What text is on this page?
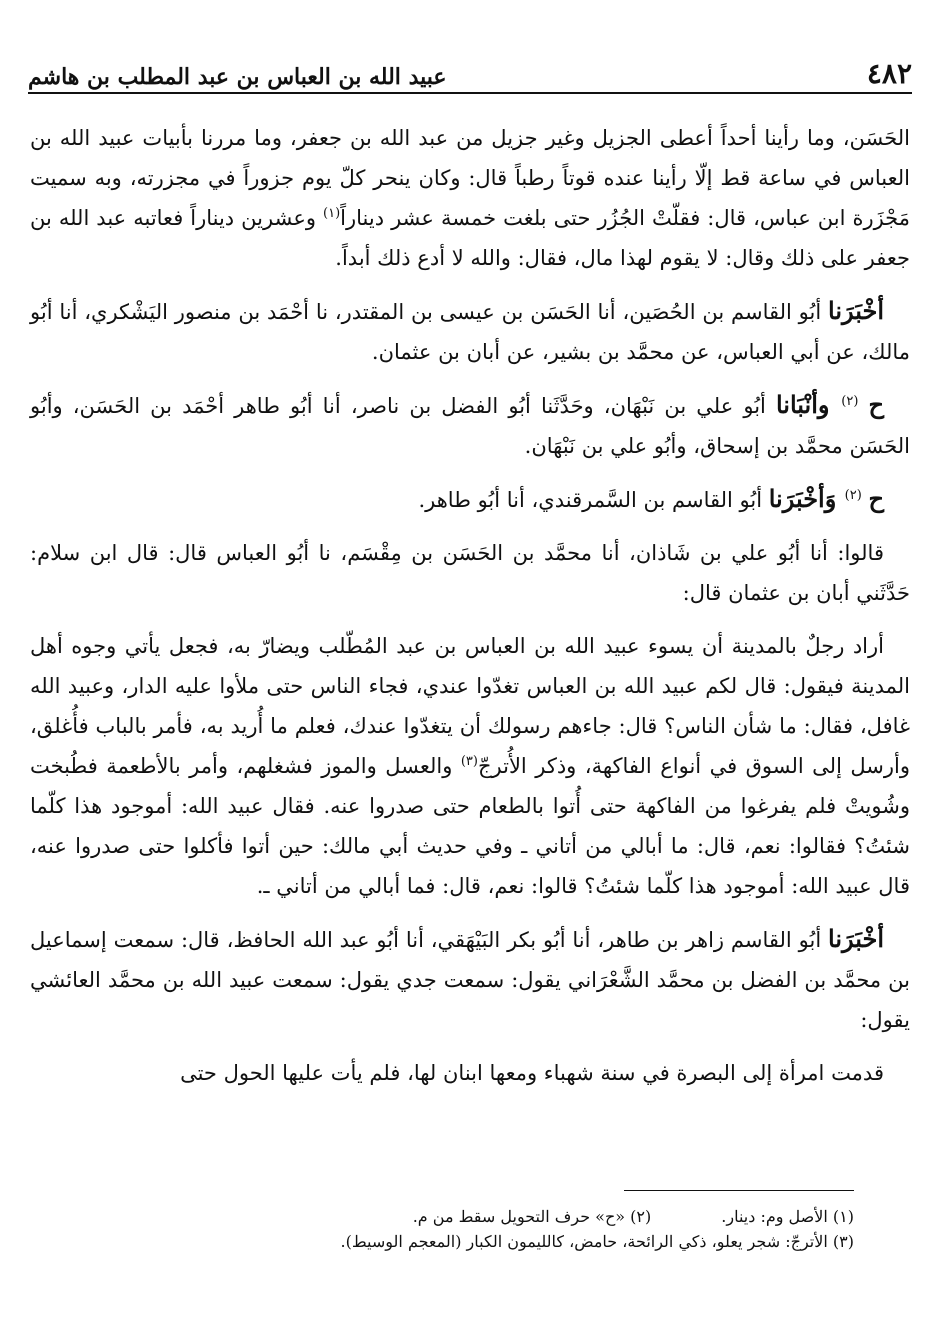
٤٨٢
عبيد الله بن العباس بن عبد المطلب بن هاشم

الحَسَن، وما رأينا أحداً أعطى الجزيل وغير جزيل من عبد الله بن جعفر، وما مررنا بأبيات عبيد الله بن العباس في ساعة قط إلّا رأينا عنده قوتاً رطباً قال: وكان ينحر كلّ يوم جزوراً في مجزرته، وبه سميت مَجْزَرة ابن عباس، قال: فقلّتْ الجُزُر حتى بلغت خمسة عشر ديناراً$^{(١)}$ وعشرين ديناراً فعاتبه عبد الله بن جعفر على ذلك وقال: لا يقوم لهذا مال، فقال: والله لا أدع ذلك أبداً.

أخْبَرَنا أبُو القاسم بن الحُصَين، أنا الحَسَن بن عيسى بن المقتدر، نا أحْمَد بن منصور اليَشْكري، أنا أبُو مالك، عن أبي العباس، عن محمَّد بن بشير، عن أبان بن عثمان.

ح $^{(٢)}$ وأنْبَانا أبُو علي بن نَبْهَان، وحَدَّثَنا أبُو الفضل بن ناصر، أنا أبُو طاهر أحْمَد بن الحَسَن، وأبُو الحَسَن محمَّد بن إسحاق، وأبُو علي بن نَبْهَان.

ح $^{(٢)}$ وَأخْبَرَنا أبُو القاسم بن السَّمرقندي، أنا أبُو طاهر.

قالوا: أنا أبُو علي بن شَاذان، أنا محمَّد بن الحَسَن بن مِقْسَم، نا أبُو العباس قال: قال ابن سلام: حَدَّثَني أبان بن عثمان قال:

أراد رجلٌ بالمدينة أن يسوء عبيد الله بن العباس بن عبد المُطّلب ويضارّ به، فجعل يأتي وجوه أهل المدينة فيقول: قال لكم عبيد الله بن العباس تغدّوا عندي، فجاء الناس حتى ملأوا عليه الدار، وعبيد الله غافل، فقال: ما شأن الناس؟ قال: جاءهم رسولك أن يتغدّوا عندك، فعلم ما أُريد به، فأمر بالباب فأُغلق، وأرسل إلى السوق في أنواع الفاكهة، وذكر الأُترجّ$^{(٣)}$ والعسل والموز فشغلهم، وأمر بالأطعمة فطُبخت وشُويتْ فلم يفرغوا من الفاكهة حتى أُتوا بالطعام حتى صدروا عنه. فقال عبيد الله: أموجود هذا كلّما شئتُ؟ فقالوا: نعم، قال: ما أبالي من أتاني ـ وفي حديث أبي مالك: حين أتوا فأكلوا حتى صدروا عنه، قال عبيد الله: أموجود هذا كلّما شئتُ؟ قالوا: نعم، قال: فما أبالي من أتاني ـ.

أخْبَرَنا أبُو القاسم زاهر بن طاهر، أنا أبُو بكر البَيْهَقي، أنا أبُو عبد الله الحافظ، قال: سمعت إسماعيل بن محمَّد بن الفضل بن محمَّد الشَّعْرَاني يقول: سمعت جدي يقول: سمعت عبيد الله بن محمَّد العائشي يقول:

قدمت امرأة إلى البصرة في سنة شهباء ومعها ابنان لها، فلم يأت عليها الحول حتى

(١) الأصل وم: دينار.
(٢) «ح» حرف التحويل سقط من م.
(٣) الأترجّ: شجر يعلو، ذكي الرائحة، حامض، كالليمون الكبار (المعجم الوسيط).
